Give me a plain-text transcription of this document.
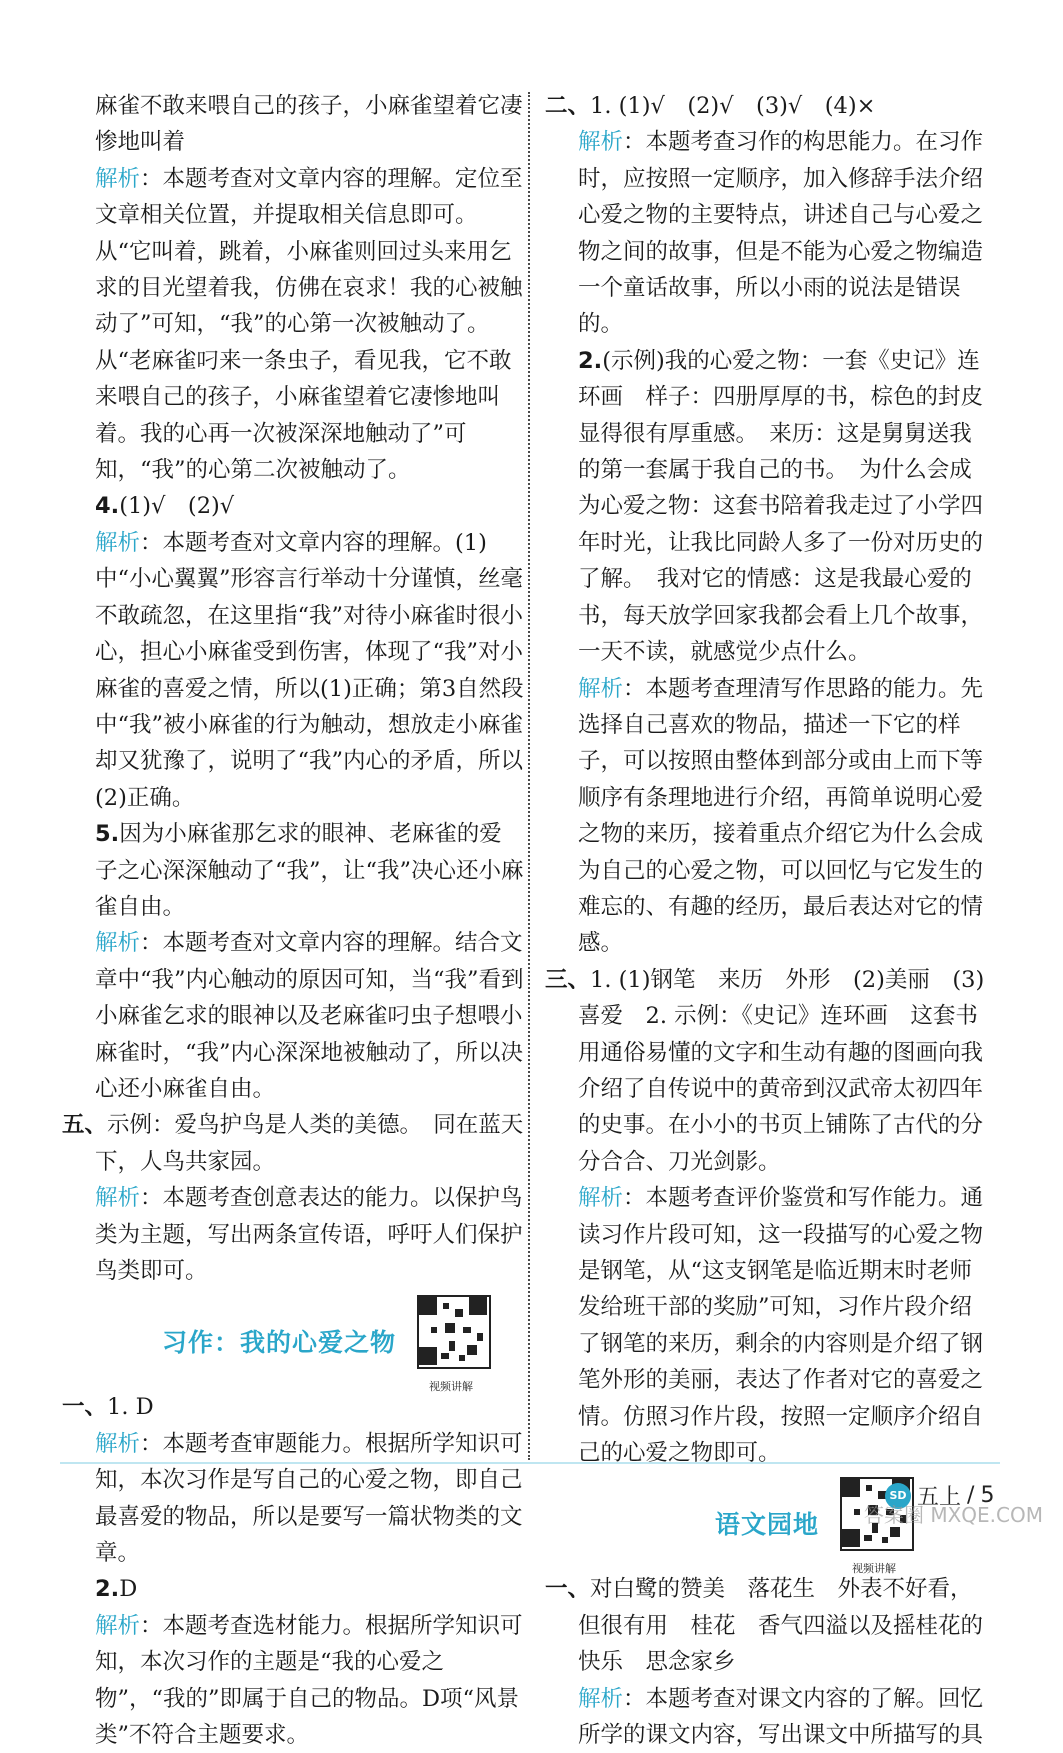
麻雀不敢来喂自己的孩子，小麻雀望着它凄惨地叫着

解析：本题考查对文章内容的理解。定位至文章相关位置，并提取相关信息即可。从“它叫着，跳着，小麻雀则回过头来用乞求的目光望着我，仿佛在哀求！我的心被触动了”可知，“我”的心第一次被触动了。从“老麻雀叼来一条虫子，看见我，它不敢来喂自己的孩子，小麻雀望着它凄惨地叫着。我的心再一次被深深地触动了”可知，“我”的心第二次被触动了。

4.(1)√　(2)√

解析：本题考查对文章内容的理解。(1)中“小心翼翼”形容言行举动十分谨慎，丝毫不敢疏忽，在这里指“我”对待小麻雀时很小心，担心小麻雀受到伤害，体现了“我”对小麻雀的喜爱之情，所以(1)正确；第3自然段中“我”被小麻雀的行为触动，想放走小麻雀却又犹豫了，说明了“我”内心的矛盾，所以(2)正确。

5.因为小麻雀那乞求的眼神、老麻雀的爱子之心深深触动了“我”，让“我”决心还小麻雀自由。

解析：本题考查对文章内容的理解。结合文章中“我”内心触动的原因可知，当“我”看到小麻雀乞求的眼神以及老麻雀叼虫子想喂小麻雀时，“我”内心深深地被触动了，所以决心还小麻雀自由。

五、示例：爱鸟护鸟是人类的美德。　同在蓝天下，人鸟共家园。

解析：本题考查创意表达的能力。以保护鸟类为主题，写出两条宣传语，呼吁人们保护鸟类即可。

习作：我的心爱之物
视频讲解

一、1. D

解析：本题考查审题能力。根据所学知识可知，本次习作是写自己的心爱之物，即自己最喜爱的物品，所以是要写一篇状物类的文章。

2.D

解析：本题考查选材能力。根据所学知识可知，本次习作的主题是“我的心爱之物”，“我的”即属于自己的物品。D项“风景类”不符合主题要求。

二、1. (1)√　(2)√　(3)√　(4)×

解析：本题考查习作的构思能力。在习作时，应按照一定顺序，加入修辞手法介绍心爱之物的主要特点，讲述自己与心爱之物之间的故事，但是不能为心爱之物编造一个童话故事，所以小雨的说法是错误的。

2.(示例)我的心爱之物：一套《史记》连环画　样子：四册厚厚的书，棕色的封皮显得很有厚重感。　来历：这是舅舅送我的第一套属于我自己的书。　为什么会成为心爱之物：这套书陪着我走过了小学四年时光，让我比同龄人多了一份对历史的了解。　我对它的情感：这是我最心爱的书，每天放学回家我都会看上几个故事，一天不读，就感觉少点什么。

解析：本题考查理清写作思路的能力。先选择自己喜欢的物品，描述一下它的样子，可以按照由整体到部分或由上而下等顺序有条理地进行介绍，再简单说明心爱之物的来历，接着重点介绍它为什么会成为自己的心爱之物，可以回忆与它发生的难忘的、有趣的经历，最后表达对它的情感。

三、1. (1)钢笔　来历　外形　(2)美丽　(3)喜爱　2. 示例：《史记》连环画　这套书用通俗易懂的文字和生动有趣的图画向我介绍了自传说中的黄帝到汉武帝太初四年的史事。在小小的书页上铺陈了古代的分分合合、刀光剑影。

解析：本题考查评价鉴赏和写作能力。通读习作片段可知，这一段描写的心爱之物是钢笔，从“这支钢笔是临近期末时老师发给班干部的奖励”可知，习作片段介绍了钢笔的来历，剩余的内容则是介绍了钢笔外形的美丽，表达了作者对它的喜爱之情。仿照习作片段，按照一定顺序介绍自己的心爱之物即可。

语文园地
视频讲解

一、对白鹭的赞美　落花生　外表不好看，但很有用　桂花　香气四溢以及摇桂花的快乐　思念家乡

解析：本题考查对课文内容的了解。回忆所学的课文内容，写出课文中所描写的具

SD 五上 / 5
答案圈 MXQE.COM
